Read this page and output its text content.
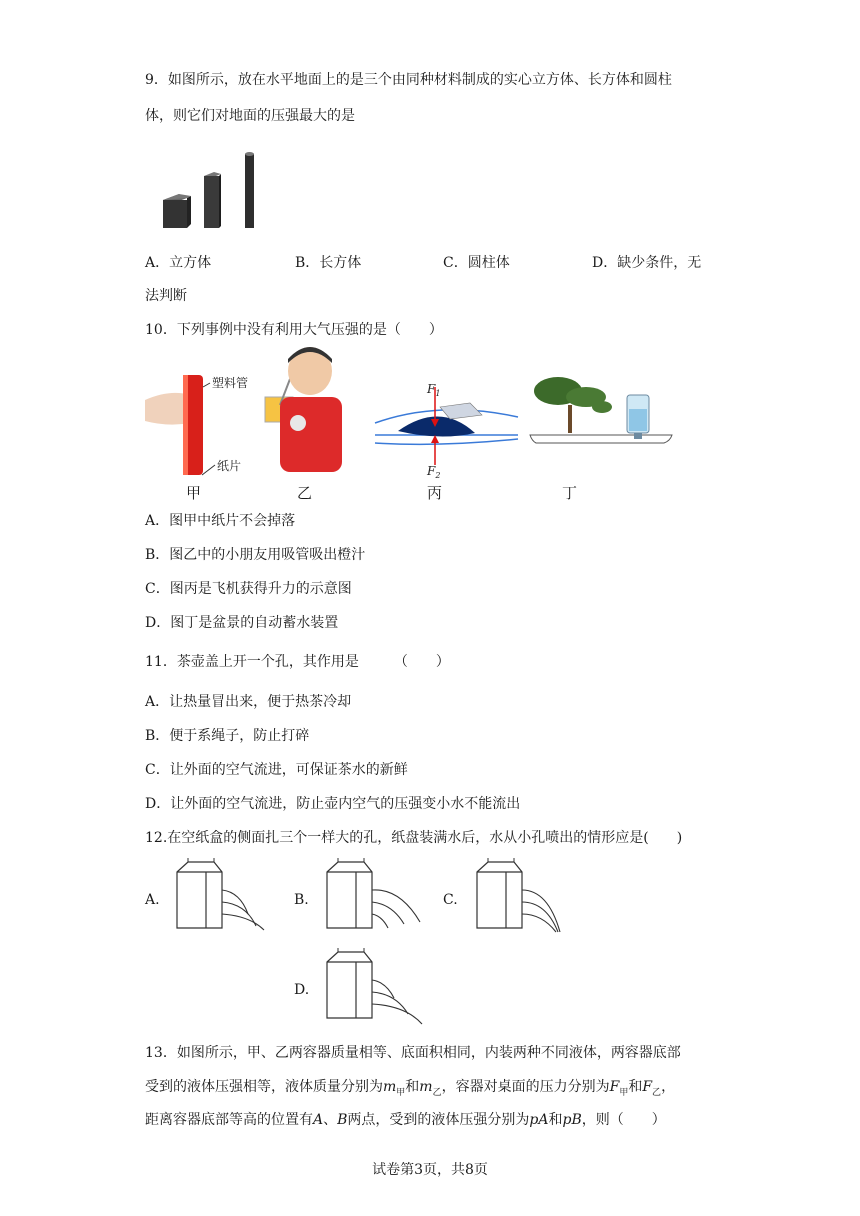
9．如图所示，放在水平地面上的是三个由同种材料制成的实心立方体、长方体和圆柱
体，则它们对地面的压强最大的是
A．立方体	B．长方体	C．圆柱体	D．缺少条件，无
法判断
10．下列事例中没有利用大气压强的是（　　）
塑料管
纸片
$F_1$
$F_2$
甲	乙	丙	丁
A．图甲中纸片不会掉落
B．图乙中的小朋友用吸管吸出橙汁
C．图丙是飞机获得升力的示意图
D．图丁是盆景的自动蓄水装置
11．茶壶盖上开一个孔，其作用是　　　（　　）
A．让热量冒出来，便于热茶冷却
B．便于系绳子，防止打碎
C．让外面的空气流进，可保证茶水的新鲜
D．让外面的空气流进，防止壶内空气的压强变小水不能流出
12.在空纸盒的侧面扎三个一样大的孔，纸盘装满水后，水从小孔喷出的情形应是(　　)
A.	B.	C.
D.
13．如图所示，甲、乙两容器质量相等、底面积相同，内装两种不同液体，两容器底部
受到的液体压强相等，液体质量分别为$m_甲$和$m_乙$，容器对桌面的压力分别为$F_甲$和$F_乙$，
距离容器底部等高的位置有A、B两点，受到的液体压强分别为pA和pB，则（　　）
试卷第3页，共8页
